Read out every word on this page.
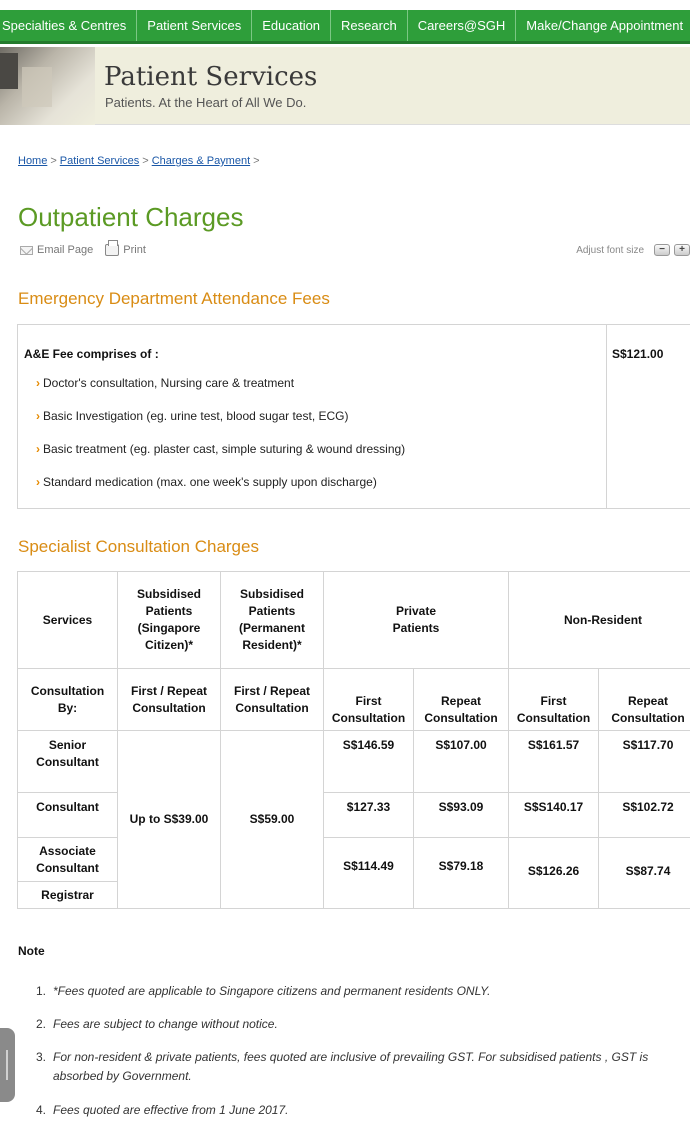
Specialties & Centres	Patient Services	Education	Research	Careers@SGH	Make/Change Appointment
Patient Services
Patients. At the Heart of All We Do.
Home > Patient Services > Charges & Payment >
Outpatient Charges
Email Page	Print	Adjust font size	−	+
Emergency Department Attendance Fees
A&E Fee comprises of :	S$121.00
› Doctor's consultation, Nursing care & treatment
› Basic Investigation (eg. urine test, blood sugar test, ECG)
› Basic treatment (eg. plaster cast, simple suturing & wound dressing)
› Standard medication (max. one week's supply upon discharge)
Specialist Consultation Charges
Services	Subsidised Patients (Singapore Citizen)*	Subsidised Patients (Permanent Resident)*	Private Patients		Non-Resident	
Consultation By:	First / Repeat Consultation	First / Repeat Consultation	First Consultation	Repeat Consultation	First Consultation	Repeat Consultation
Senior Consultant	Up to S$39.00	S$59.00	S$146.59	S$107.00	S$161.57	S$117.70
Consultant			$127.33	S$93.09	S$S140.17	S$102.72
Associate Consultant			S$114.49	S$79.18	S$126.26	S$87.74
Registrar						
Note
1. *Fees quoted are applicable to Singapore citizens and permanent residents ONLY.
2. Fees are subject to change without notice.
3. For non-resident & private patients, fees quoted are inclusive of prevailing GST. For subsidised patients , GST is absorbed by Government.
4. Fees quoted are effective from 1 June 2017.
